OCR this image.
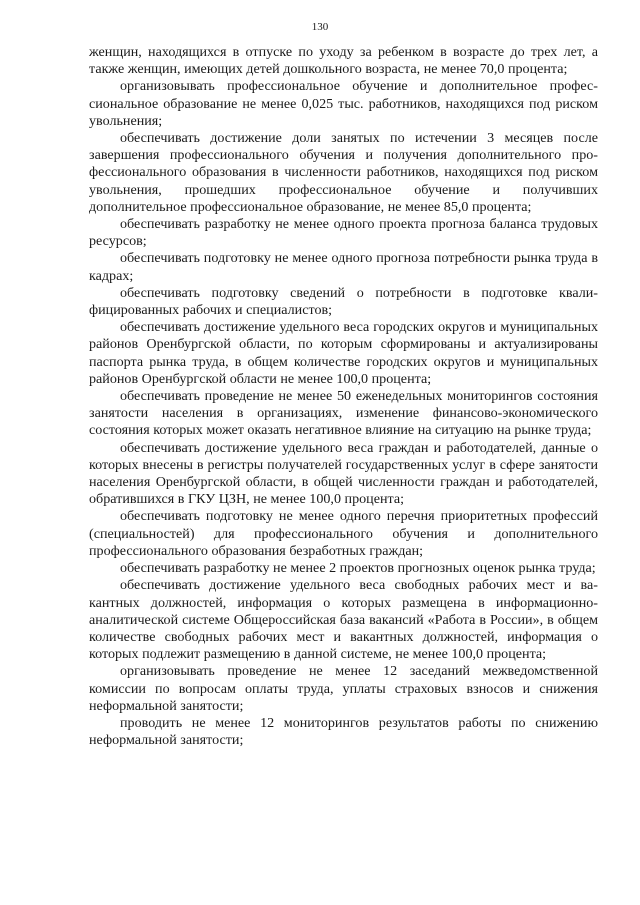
130

женщин, находящихся в отпуске по уходу за ребенком в возрасте до трех лет, а также женщин, имеющих детей дошкольного возраста, не менее 70,0 процента;

организовывать профессиональное обучение и дополнительное профессиональное образование не менее 0,025 тыс. работников, находящихся под риском увольнения;

обеспечивать достижение доли занятых по истечении 3 месяцев после завершения профессионального обучения и получения дополнительного профессионального образования в численности работников, находящихся под риском увольнения, прошедших профессиональное обучение и получивших дополнительное профессиональное образование, не менее 85,0 процента;

обеспечивать разработку не менее одного проекта прогноза баланса трудовых ресурсов;

обеспечивать подготовку не менее одного прогноза потребности рынка труда в кадрах;

обеспечивать подготовку сведений о потребности в подготовке квалифицированных рабочих и специалистов;

обеспечивать достижение удельного веса городских округов и муниципальных районов Оренбургской области, по которым сформированы и актуализированы паспорта рынка труда, в общем количестве городских округов и муниципальных районов Оренбургской области не менее 100,0 процента;

обеспечивать проведение не менее 50 еженедельных мониторингов состояния занятости населения в организациях, изменение финансово-экономического состояния которых может оказать негативное влияние на ситуацию на рынке труда;

обеспечивать достижение удельного веса граждан и работодателей, данные о которых внесены в регистры получателей государственных услуг в сфере занятости населения Оренбургской области, в общей численности граждан и работодателей, обратившихся в ГКУ ЦЗН, не менее 100,0 процента;

обеспечивать подготовку не менее одного перечня приоритетных профессий (специальностей) для профессионального обучения и дополнительного профессионального образования безработных граждан;

обеспечивать разработку не менее 2 проектов прогнозных оценок рынка труда;

обеспечивать достижение удельного веса свободных рабочих мест и вакантных должностей, информация о которых размещена в информационно-аналитической системе Общероссийская база вакансий «Работа в России», в общем количестве свободных рабочих мест и вакантных должностей, информация о которых подлежит размещению в данной системе, не менее 100,0 процента;

организовывать проведение не менее 12 заседаний межведомственной комиссии по вопросам оплаты труда, уплаты страховых взносов и снижения неформальной занятости;

проводить не менее 12 мониторингов результатов работы по снижению неформальной занятости;
